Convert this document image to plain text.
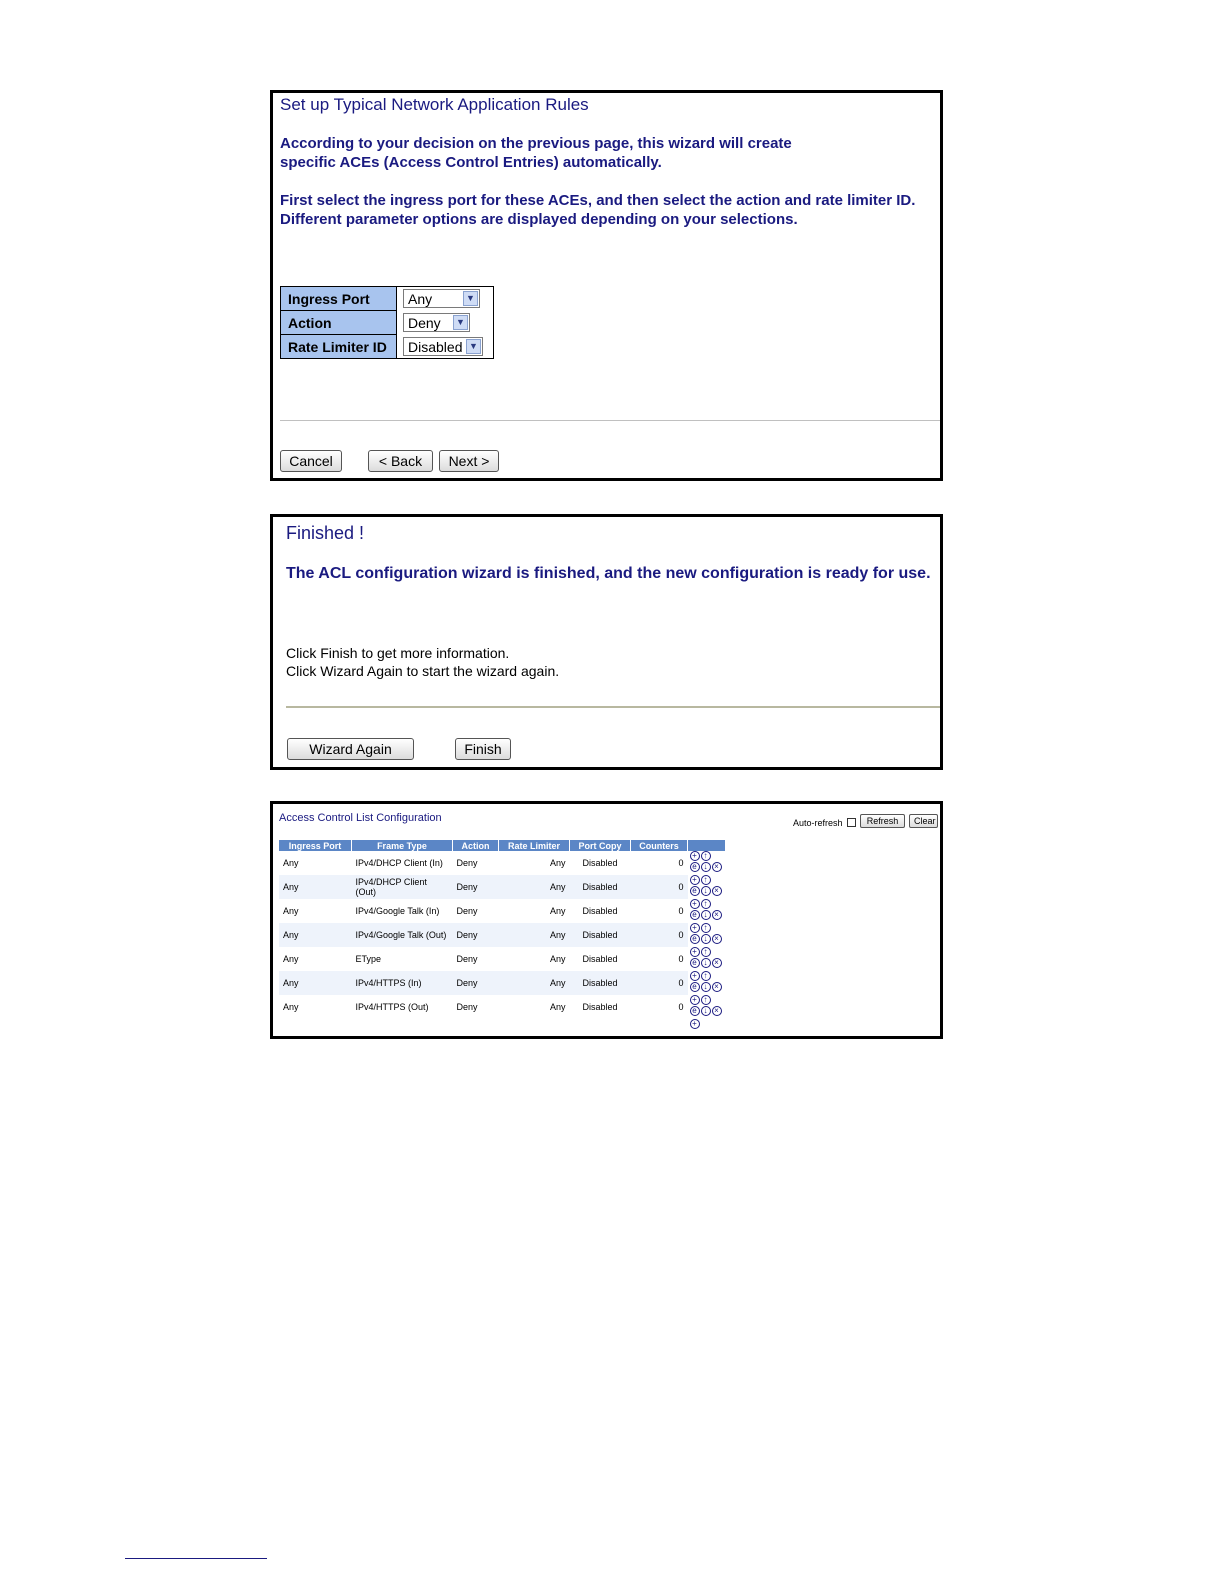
Set up Typical Network Application Rules

According to your decision on the previous page, this wizard will create
specific ACEs (Access Control Entries) automatically.

First select the ingress port for these ACEs, and then select the action and rate limiter ID.
Different parameter options are displayed depending on your selections.

Ingress Port	Any ▼

Action	Deny ▼

Rate Limiter ID	Disabled ▼
Cancel	< Back	Next >
Finished !
The ACL configuration wizard is finished, and the new configuration is ready for use.
Click Finish to get more information.
Click Wizard Again to start the wizard again.
Wizard Again	Finish
Access Control List Configuration	Auto-refresh	Refresh	Clear
Ingress Port	Frame Type	Action	Rate Limiter	Port Copy	Counters	
Any	IPv4/DHCP Client (In)	Deny	Any	Disabled	0	+ ↑
e ↓ ×

Any	IPv4/DHCP Client (Out)	Deny	Any	Disabled	0	+ ↑
e ↓ ×

Any	IPv4/Google Talk (In)	Deny	Any	Disabled	0	+ ↑
e ↓ ×

Any	IPv4/Google Talk (Out)	Deny	Any	Disabled	0	+ ↑
e ↓ ×

Any	EType	Deny	Any	Disabled	0	+ ↑
e ↓ ×

Any	IPv4/HTTPS (In)	Deny	Any	Disabled	0	+ ↑
e ↓ ×

Any	IPv4/HTTPS (Out)	Deny	Any	Disabled	0	+ ↑
e ↓ ×

						+
